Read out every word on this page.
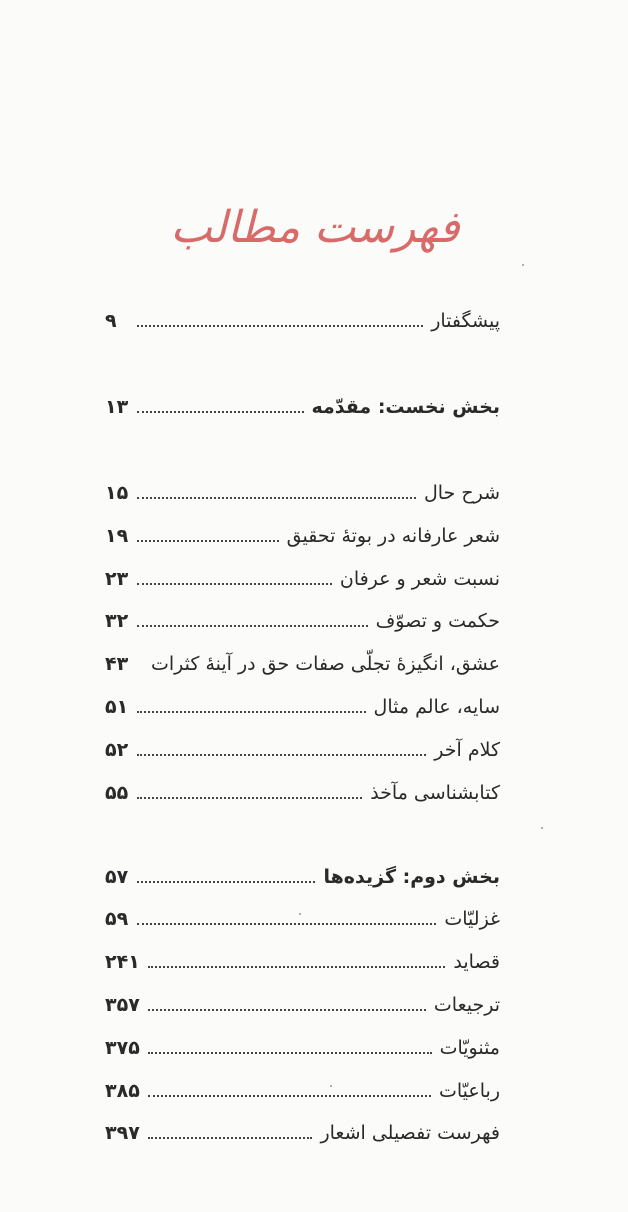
فهرست مطالب
پیشگفتار
۹
بخش نخست: مقدّمه
۱۳
شرح حال
۱۵
شعر عارفانه در بوتهٔ تحقیق
۱۹
نسبت شعر و عرفان
۲۳
حکمت و تصوّف
۳۲
عشق، انگیزهٔ تجلّی صفات حق در آینهٔ کثرات
۴۳
سایه، عالم مثال
۵۱
کلام آخر
۵۲
کتابشناسی مآخذ
۵۵
بخش دوم: گزیده‌ها
۵۷
غزلیّات
۵۹
قصاید
۲۴۱
ترجیعات
۳۵۷
مثنویّات
۳۷۵
رباعیّات
۳۸۵
فهرست تفصیلی اشعار
۳۹۷
